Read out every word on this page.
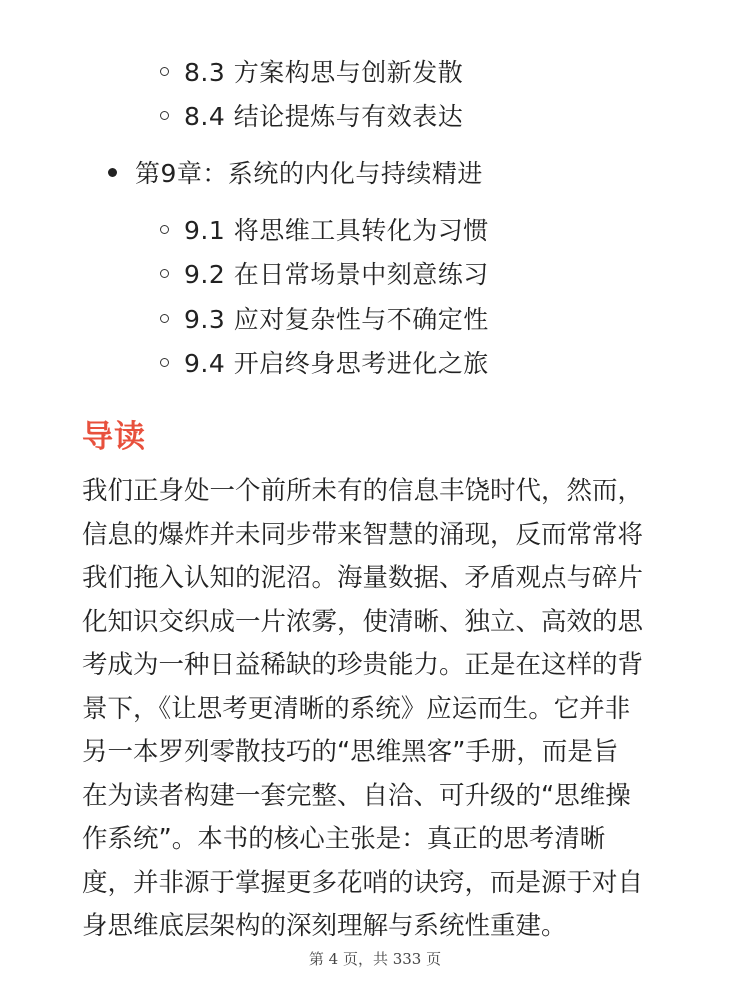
8.3 方案构思与创新发散
8.4 结论提炼与有效表达
第9章：系统的内化与持续精进
9.1 将思维工具转化为习惯
9.2 在日常场景中刻意练习
9.3 应对复杂性与不确定性
9.4 开启终身思考进化之旅
导读

我们正身处一个前所未有的信息丰饶时代，然而，
信息的爆炸并未同步带来智慧的涌现，反而常常将
我们拖入认知的泥沼。海量数据、矛盾观点与碎片
化知识交织成一片浓雾，使清晰、独立、高效的思
考成为一种日益稀缺的珍贵能力。正是在这样的背
景下，《让思考更清晰的系统》应运而生。它并非
另一本罗列零散技巧的“思维黑客”手册，而是旨
在为读者构建一套完整、自洽、可升级的“思维操
作系统”。本书的核心主张是：真正的思考清晰
度，并非源于掌握更多花哨的诀窍，而是源于对自
身思维底层架构的深刻理解与系统性重建。

第 4 页，共 333 页
